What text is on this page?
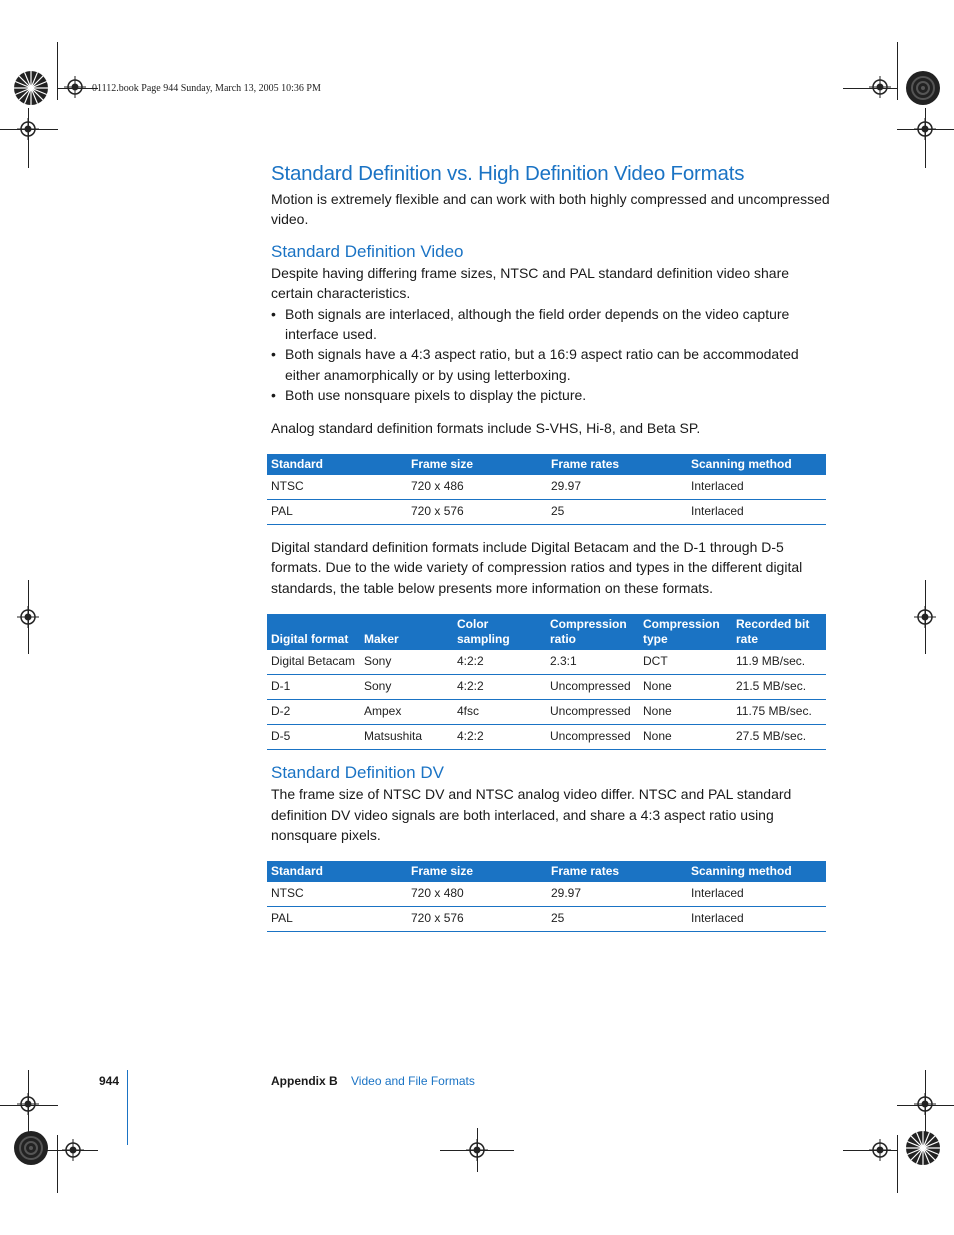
01112.book Page 944 Sunday, March 13, 2005 10:36 PM
Standard Definition vs. High Definition Video Formats

Motion is extremely flexible and can work with both highly compressed and uncompressed video.

Standard Definition Video

Despite having differing frame sizes, NTSC and PAL standard definition video share certain characteristics.

• Both signals are interlaced, although the field order depends on the video capture interface used.
• Both signals have a 4:3 aspect ratio, but a 16:9 aspect ratio can be accommodated either anamorphically or by using letterboxing.
• Both use nonsquare pixels to display the picture.

Analog standard definition formats include S-VHS, Hi-8, and Beta SP.

Standard	Frame size	Frame rates	Scanning method
NTSC	720 x 486	29.97	Interlaced
PAL	720 x 576	25	Interlaced

Digital standard definition formats include Digital Betacam and the D-1 through D-5 formats. Due to the wide variety of compression ratios and types in the different digital standards, the table below presents more information on these formats.

Digital format	Maker	Color sampling	Compression ratio	Compression type	Recorded bit rate
Digital Betacam	Sony	4:2:2	2.3:1	DCT	11.9 MB/sec.
D-1	Sony	4:2:2	Uncompressed	None	21.5 MB/sec.
D-2	Ampex	4fsc	Uncompressed	None	11.75 MB/sec.
D-5	Matsushita	4:2:2	Uncompressed	None	27.5 MB/sec.
Standard Definition DV

The frame size of NTSC DV and NTSC analog video differ. NTSC and PAL standard definition DV video signals are both interlaced, and share a 4:3 aspect ratio using nonsquare pixels.

Standard	Frame size	Frame rates	Scanning method
NTSC	720 x 480	29.97	Interlaced
PAL	720 x 576	25	Interlaced
944	Appendix B Video and File Formats
